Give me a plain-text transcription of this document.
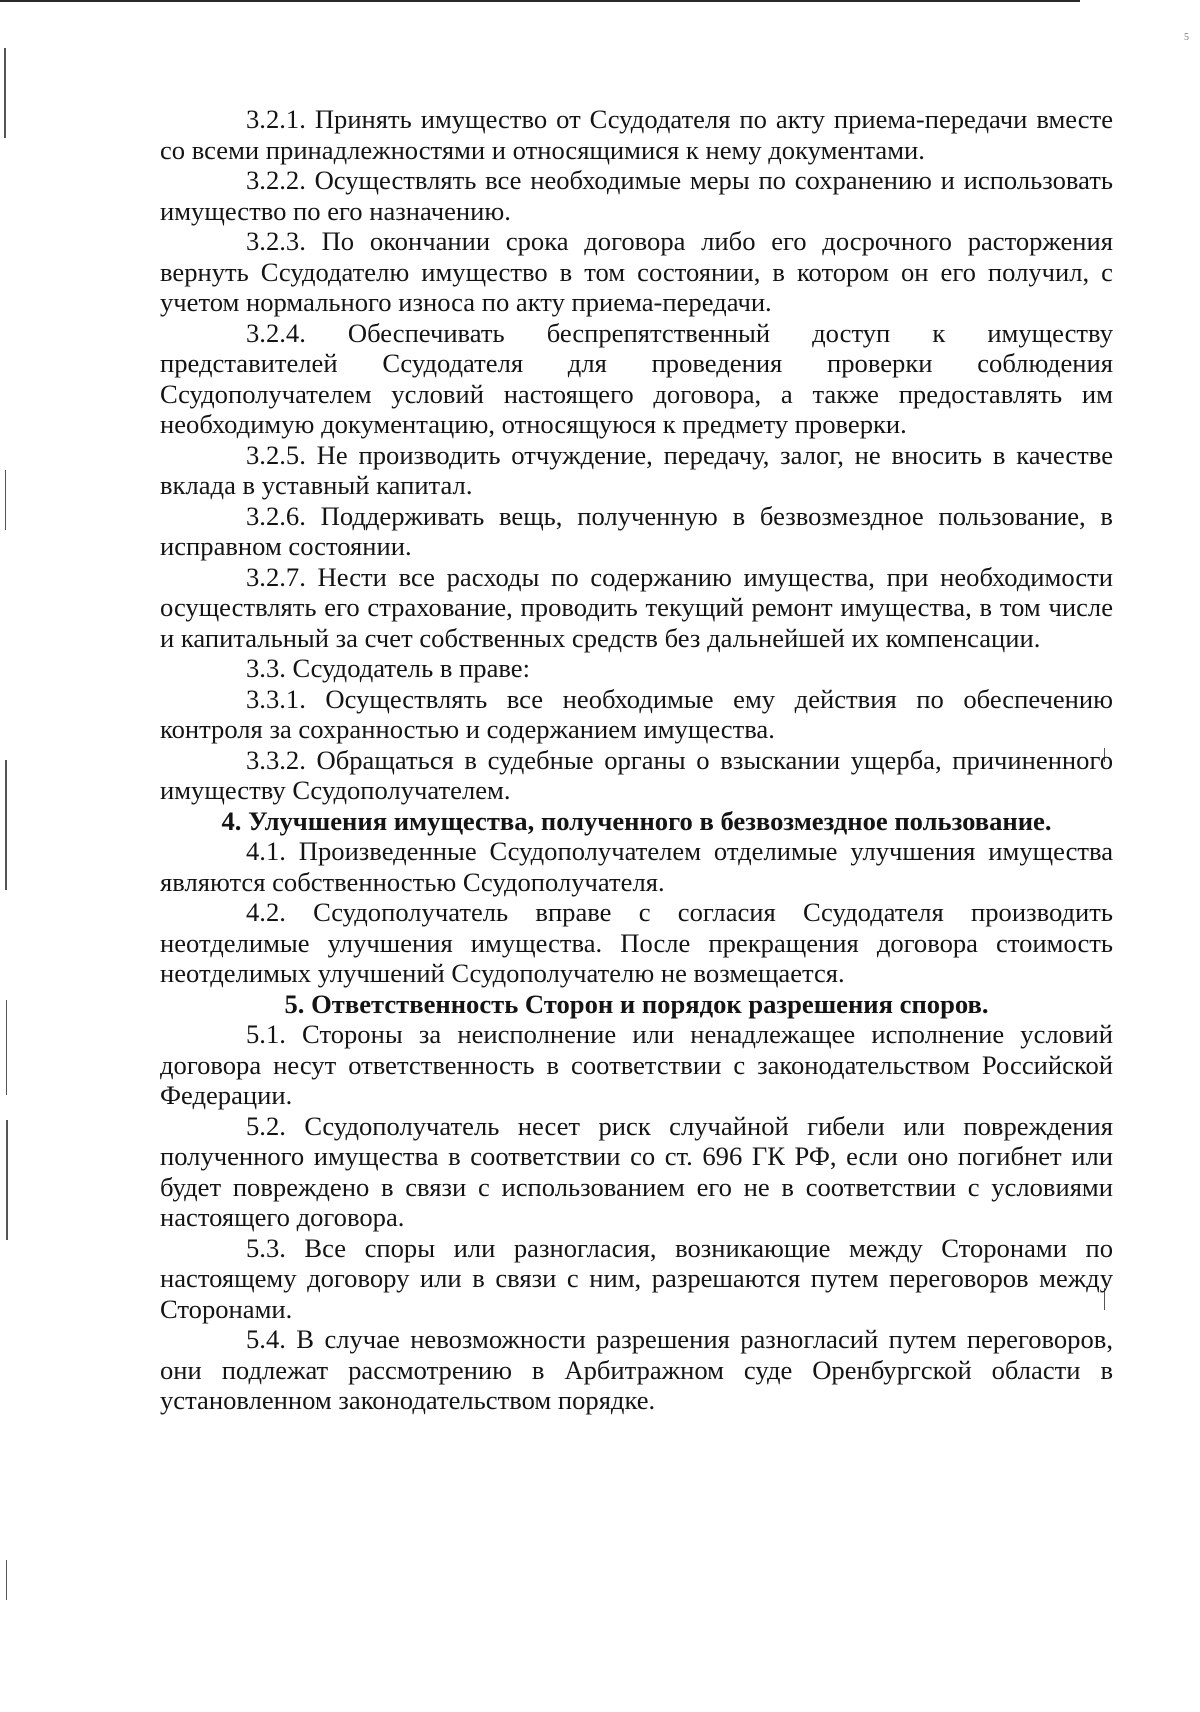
5

3.2.1. Принять имущество от Ссудодателя по акту приема-передачи вместе со всеми принадлежностями и относящимися к нему документами.

3.2.2. Осуществлять все необходимые меры по сохранению и использовать имущество по его назначению.

3.2.3. По окончании срока договора либо его досрочного расторжения вернуть Ссудодателю имущество в том состоянии, в котором он его получил, с учетом нормального износа по акту приема-передачи.

3.2.4. Обеспечивать беспрепятственный доступ к имуществу представителей Ссудодателя для проведения проверки соблюдения Ссудополучателем условий настоящего договора, а также предоставлять им необходимую документацию, относящуюся к предмету проверки.

3.2.5. Не производить отчуждение, передачу, залог, не вносить в качестве вклада в уставный капитал.

3.2.6. Поддерживать вещь, полученную в безвозмездное пользование, в исправном состоянии.

3.2.7. Нести все расходы по содержанию имущества, при необходимости осуществлять его страхование, проводить текущий ремонт имущества, в том числе и капитальный за счет собственных средств без дальнейшей их компенсации.

3.3. Ссудодатель в праве:

3.3.1. Осуществлять все необходимые ему действия по обеспечению контроля за сохранностью и содержанием имущества.

3.3.2. Обращаться в судебные органы о взыскании ущерба, причиненного имуществу Ссудополучателем.

4. Улучшения имущества, полученного в безвозмездное пользование.

4.1. Произведенные Ссудополучателем отделимые улучшения имущества являются собственностью Ссудополучателя.

4.2. Ссудополучатель вправе с согласия Ссудодателя производить неотделимые улучшения имущества. После прекращения договора стоимость неотделимых улучшений Ссудополучателю не возмещается.

5. Ответственность Сторон и порядок разрешения споров.

5.1. Стороны за неисполнение или ненадлежащее исполнение условий договора несут ответственность в соответствии с законодательством Российской Федерации.

5.2. Ссудополучатель несет риск случайной гибели или повреждения полученного имущества в соответствии со ст. 696 ГК РФ, если оно погибнет или будет повреждено в связи с использованием его не в соответствии с условиями настоящего договора.

5.3. Все споры или разногласия, возникающие между Сторонами по настоящему договору или в связи с ним, разрешаются путем переговоров между Сторонами.

5.4. В случае невозможности разрешения разногласий путем переговоров, они подлежат рассмотрению в Арбитражном суде Оренбургской области в установленном законодательством порядке.
